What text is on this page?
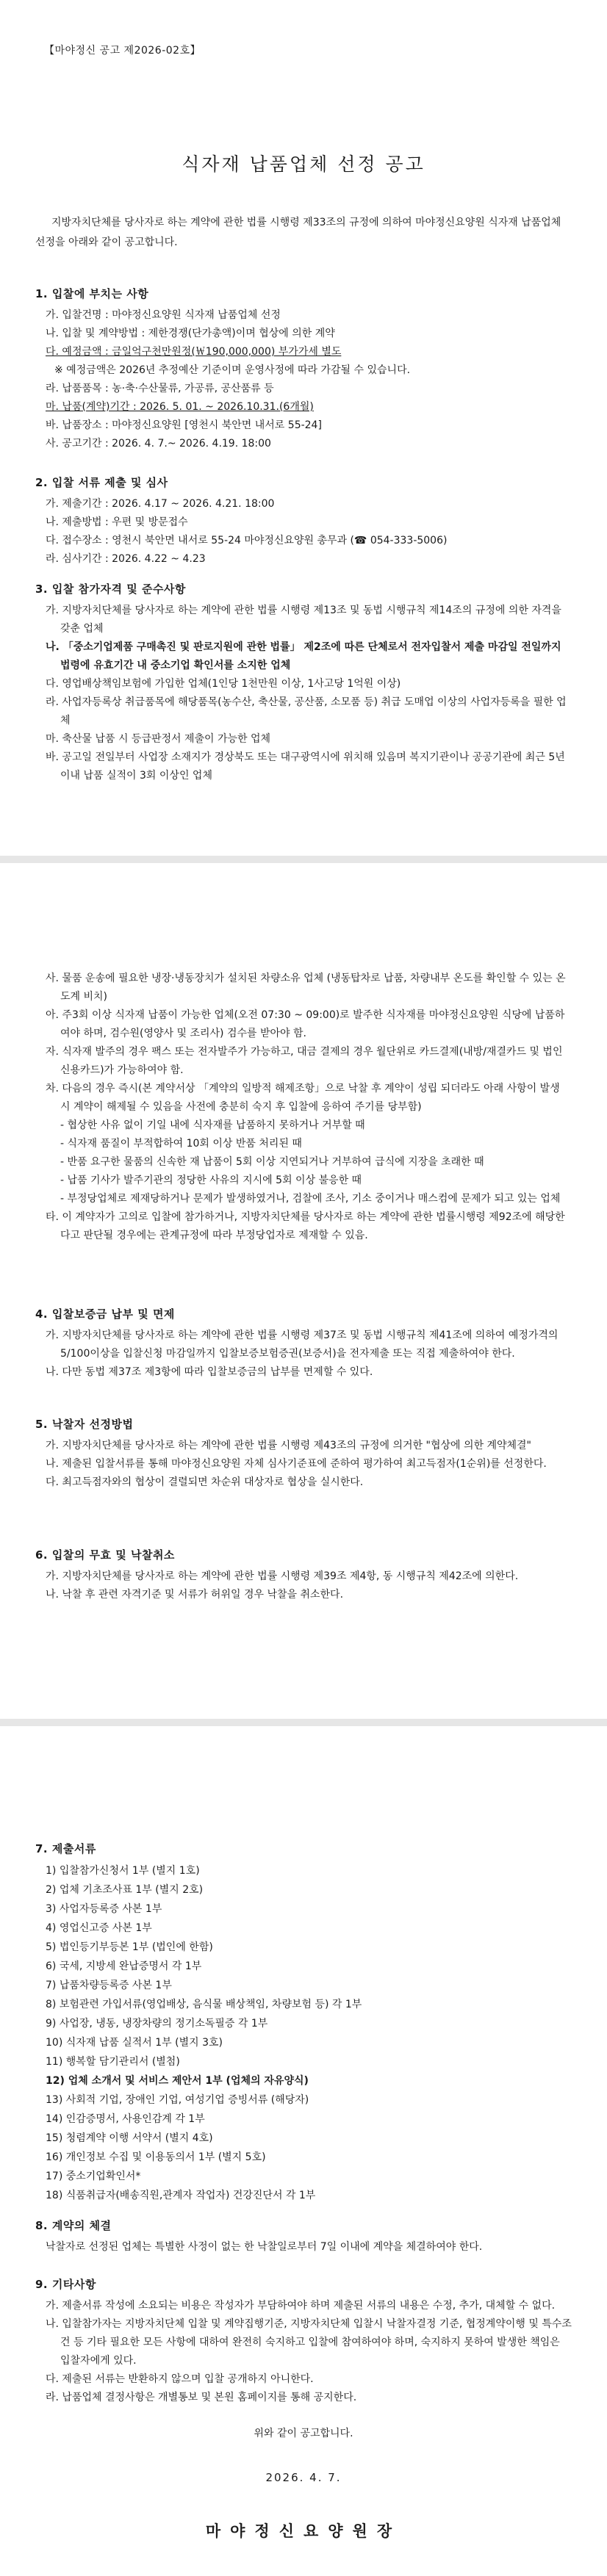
【마야정신 공고 제2026-02호】
식자재 납품업체 선정 공고
지방자치단체를 당사자로 하는 계약에 관한 법률 시행령 제33조의 규정에 의하여 마야정신요양원 식자재 납품업체 선정을 아래와 같이 공고합니다.
1. 입찰에 부치는 사항
가. 입찰건명 : 마야정신요양원 식자재 납품업체 선정
나. 입찰 및 계약방법 : 제한경쟁(단가총액)이며 협상에 의한 계약
다. 예정금액 : 금일억구천만원정(￦190,000,000) 부가가세 별도
※ 예정금액은 2026년 추정예산 기준이며 운영사정에 따라 가감될 수 있습니다.
라. 납품품목 : 농·축·수산물류, 가공류, 공산품류 등
마. 납품(계약)기간 : 2026. 5. 01. ~ 2026.10.31.(6개월)
바. 납품장소 : 마야정신요양원 [영천시 북안면 내서로 55-24]
사. 공고기간 : 2026. 4. 7.~ 2026. 4.19. 18:00
2. 입찰 서류 제출 및 심사
가. 제출기간 : 2026. 4.17 ~ 2026. 4.21. 18:00
나. 제출방법 : 우편 및 방문접수
다. 접수장소 : 영천시 북안면 내서로 55-24 마야정신요양원 총무과 (☎ 054-333-5006)
라. 심사기간 : 2026. 4.22 ~ 4.23
3. 입찰 참가자격 및 준수사항
가. 지방자치단체를 당사자로 하는 계약에 관한 법률 시행령 제13조 및 동법 시행규칙 제14조의 규정에 의한 자격을 갖춘 업체
나. 「중소기업제품 구매촉진 및 판로지원에 관한 법률」 제2조에 따른 단체로서 전자입찰서 제출 마감일 전일까지 법령에 유효기간 내 중소기업 확인서를 소지한 업체
다. 영업배상책임보험에 가입한 업체(1인당 1천만원 이상, 1사고당 1억원 이상)
라. 사업자등록상 취급품목에 해당품목(농수산, 축산물, 공산품, 소모품 등) 취급 도매업 이상의 사업자등록을 필한 업체
마. 축산물 납품 시 등급판정서 제출이 가능한 업체
바. 공고일 전일부터 사업장 소재지가 경상북도 또는 대구광역시에 위치해 있음며 복지기관이나 공공기관에 최근 5년이내 납품 실적이 3회 이상인 업체
사. 물품 운송에 필요한 냉장·냉동장치가 설치된 차량소유 업체 (냉동탑차로 납품, 차량내부 온도를 확인할 수 있는 온도계 비치)
아. 주3회 이상 식자재 납품이 가능한 업체(오전 07:30 ~ 09:00)로 발주한 식자재를 마야정신요양원 식당에 납품하여야 하며, 검수원(영양사 및 조리사) 검수를 받아야 함.
자. 식자재 발주의 경우 팩스 또는 전자발주가 가능하고, 대금 결제의 경우 월단위로 카드결제(내방/재결카드 및 법인 신용카드)가 가능하여야 함.
차. 다음의 경우 즉시(본 계약서상 「계약의 일방적 해제조항」으로 낙찰 후 계약이 성립 되더라도 아래 사항이 발생 시 계약이 해제될 수 있음을 사전에 충분히 숙지 후 입찰에 응하여 주기를 당부함)
- 협상한 사유 없이 기일 내에 식자재를 납품하지 못하거나 거부할 때
- 식자재 품질이 부적합하여 10회 이상 반품 처리된 때
- 반품 요구한 물품의 신속한 재 납품이 5회 이상 지연되거나 거부하여 급식에 지장을 초래한 때
- 납품 기사가 발주기관의 정당한 사유의 지시에 5회 이상 불응한 때
- 부정당업체로 제재당하거나 문제가 발생하였거나, 검찰에 조사, 기소 중이거나 매스컴에 문제가 되고 있는 업체
타. 이 계약자가 고의로 입찰에 참가하거나, 지방자치단체를 당사자로 하는 계약에 관한 법률시행령 제92조에 해당한다고 판단될 경우에는 관계규정에 따라 부정당업자로 제재할 수 있음.
4. 입찰보증금 납부 및 면제
가. 지방자치단체를 당사자로 하는 계약에 관한 법률 시행령 제37조 및 동법 시행규칙 제41조에 의하여 예정가격의 5/100이상을 입찰신청 마감일까지 입찰보증보험증권(보증서)을 전자제출 또는 직접 제출하여야 한다.
나. 다만 동법 제37조 제3항에 따라 입찰보증금의 납부를 면제할 수 있다.
5. 낙찰자 선정방법
가. 지방자치단체를 당사자로 하는 계약에 관한 법률 시행령 제43조의 규정에 의거한 "협상에 의한 계약체결"
나. 제출된 입찰서류를 통해 마야정신요양원 자체 심사기준표에 준하여 평가하여 최고득점자(1순위)를 선정한다.
다. 최고득점자와의 협상이 결렬되면 차순위 대상자로 협상을 실시한다.
6. 입찰의 무효 및 낙찰취소
가. 지방자치단체를 당사자로 하는 계약에 관한 법률 시행령 제39조 제4항, 동 시행규칙 제42조에 의한다.
나. 낙찰 후 관련 자격기준 및 서류가 허위일 경우 낙찰을 취소한다.
7. 제출서류
1) 입찰참가신청서 1부 (별지 1호)
2) 업체 기초조사표 1부 (별지 2호)
3) 사업자등록증 사본 1부
4) 영업신고증 사본 1부
5) 법인등기부등본 1부 (법인에 한함)
6) 국세, 지방세 완납증명서 각 1부
7) 납품차량등록증 사본 1부
8) 보험관련 가입서류(영업배상, 음식물 배상책임, 차량보험 등) 각 1부
9) 사업장, 냉동, 냉장차량의 정기소독필증 각 1부
10) 식자재 납품 실적서 1부 (별지 3호)
11) 행복할 담기관리서 (별첨)
12) 업체 소개서 및 서비스 제안서 1부 (업체의 자유양식)
13) 사회적 기업, 장애인 기업, 여성기업 증빙서류 (해당자)
14) 인감증명서, 사용인감계 각 1부
15) 청렴계약 이행 서약서 (별지 4호)
16) 개인정보 수집 및 이용동의서 1부 (별지 5호)
17) 중소기업확인서*
18) 식품취급자(배송직원,관계자 작업자) 건강진단서 각 1부
8. 계약의 체결
낙찰자로 선정된 업체는 특별한 사정이 없는 한 낙찰일로부터 7일 이내에 계약을 체결하여야 한다.
9. 기타사항
가. 제출서류 작성에 소요되는 비용은 작성자가 부담하여야 하며 제출된 서류의 내용은 수정, 추가, 대체할 수 없다.
나. 입찰참가자는 지방자치단체 입찰 및 계약집행기준, 지방자치단체 입찰시 낙찰자결정 기준, 협정계약이행 및 특수조건 등 기타 필요한 모든 사항에 대하여 완전히 숙지하고 입찰에 참여하여야 하며, 숙지하지 못하여 발생한 책임은 입찰자에게 있다.
다. 제출된 서류는 반환하지 않으며 입찰 공개하지 아니한다.
라. 납품업체 결정사항은 개별통보 및 본원 홈페이지를 통해 공지한다.
위와 같이 공고합니다.
2026. 4. 7.
마야정신요양원장
